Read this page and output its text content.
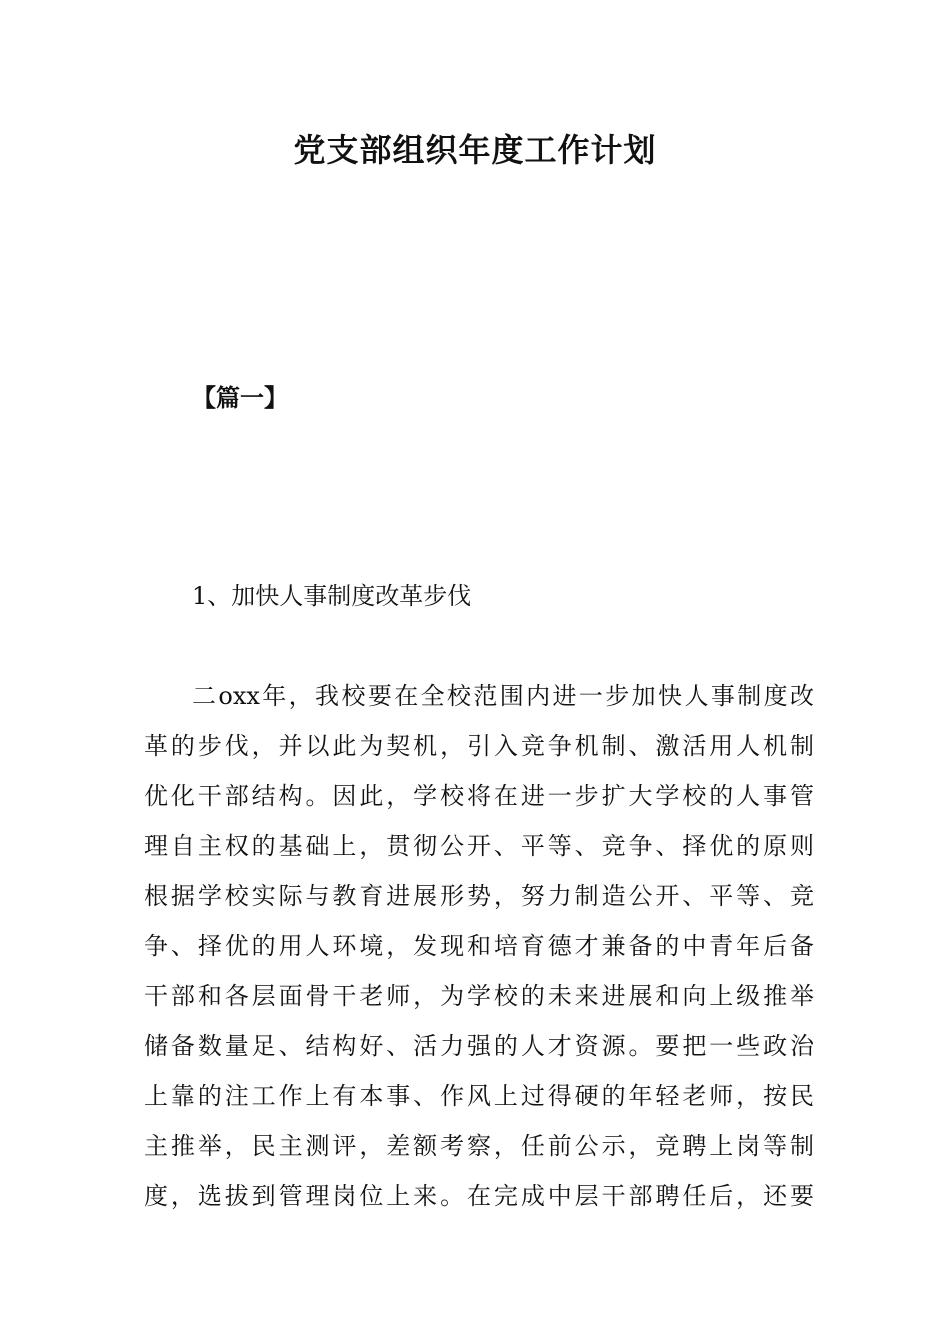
党支部组织年度工作计划
【篇一】
1、加快人事制度改革步伐
二oxx年，我校要在全校范围内进一步加快人事制度改
革的步伐，并以此为契机，引入竞争机制、激活用人机制
优化干部结构。因此，学校将在进一步扩大学校的人事管
理自主权的基础上，贯彻公开、平等、竞争、择优的原则
根据学校实际与教育进展形势，努力制造公开、平等、竞
争、择优的用人环境，发现和培育德才兼备的中青年后备
干部和各层面骨干老师，为学校的未来进展和向上级推举
储备数量足、结构好、活力强的人才资源。要把一些政治
上靠的注工作上有本事、作风上过得硬的年轻老师，按民
主推举，民主测评，差额考察，任前公示，竞聘上岗等制
度，选拔到管理岗位上来。在完成中层干部聘任后，还要
